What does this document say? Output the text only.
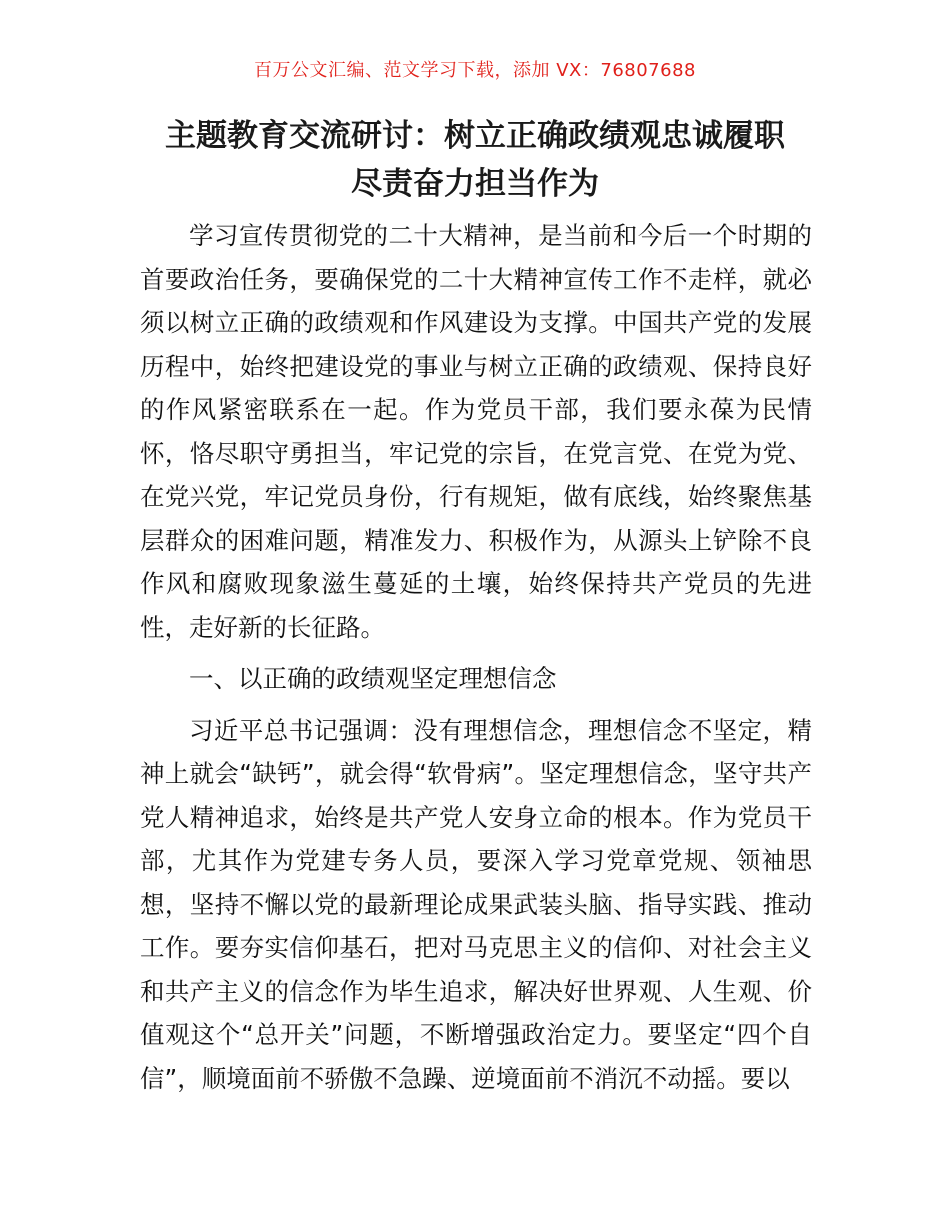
百万公文汇编、范文学习下载，添加 VX：76807688
主题教育交流研讨：树立正确政绩观忠诚履职
尽责奋力担当作为

学习宣传贯彻党的二十大精神，是当前和今后一个时期的首要政治任务，要确保党的二十大精神宣传工作不走样，就必须以树立正确的政绩观和作风建设为支撑。中国共产党的发展历程中，始终把建设党的事业与树立正确的政绩观、保持良好的作风紧密联系在一起。作为党员干部，我们要永葆为民情怀，恪尽职守勇担当，牢记党的宗旨，在党言党、在党为党、在党兴党，牢记党员身份，行有规矩，做有底线，始终聚焦基层群众的困难问题，精准发力、积极作为，从源头上铲除不良作风和腐败现象滋生蔓延的土壤，始终保持共产党员的先进性，走好新的长征路。

一、以正确的政绩观坚定理想信念

习近平总书记强调：没有理想信念，理想信念不坚定，精神上就会“缺钙”，就会得“软骨病”。坚定理想信念，坚守共产党人精神追求，始终是共产党人安身立命的根本。作为党员干部，尤其作为党建专务人员，要深入学习党章党规、领袖思想，坚持不懈以党的最新理论成果武装头脑、指导实践、推动工作。要夯实信仰基石，把对马克思主义的信仰、对社会主义和共产主义的信念作为毕生追求，解决好世界观、人生观、价值观这个“总开关”问题，不断增强政治定力。要坚定“四个自信”，顺境面前不骄傲不急躁、逆境面前不消沉不动摇。要以
